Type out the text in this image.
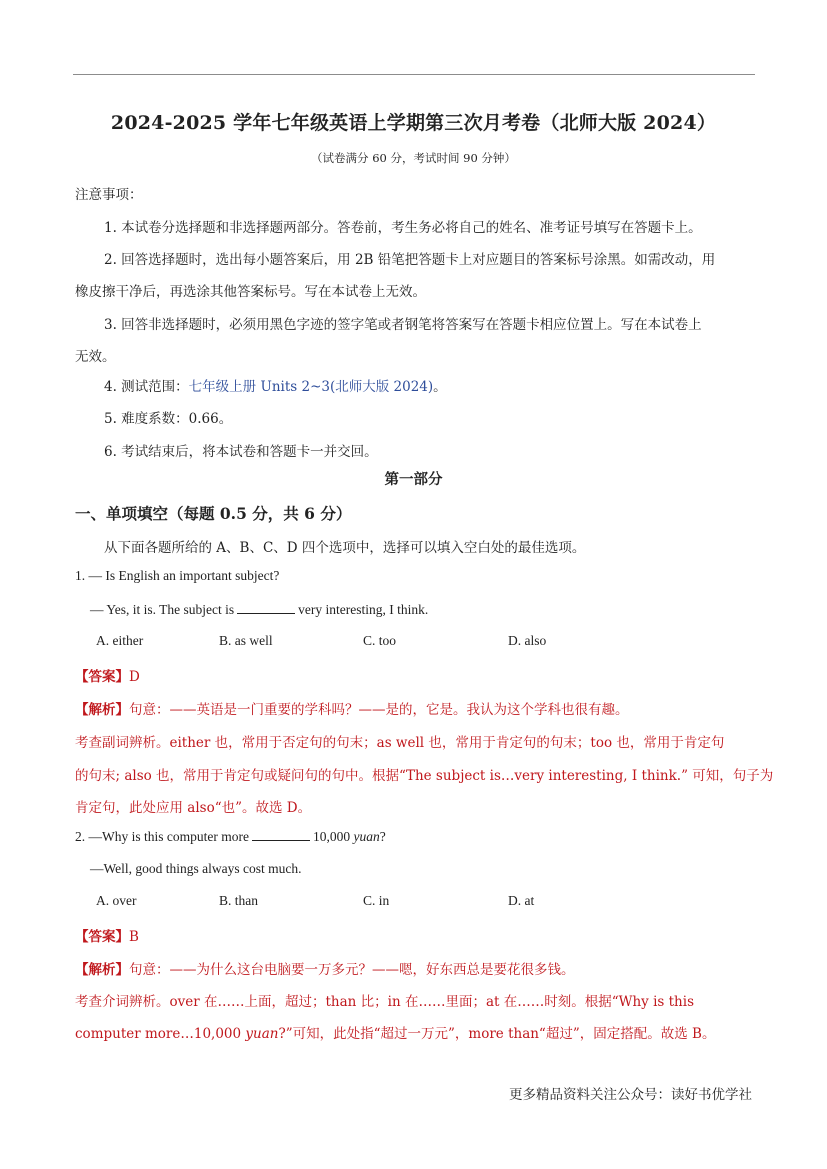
2024-2025 学年七年级英语上学期第三次月考卷（北师大版 2024）
（试卷满分 60 分，考试时间 90 分钟）
注意事项：
1. 本试卷分选择题和非选择题两部分。答卷前，考生务必将自己的姓名、准考证号填写在答题卡上。
2. 回答选择题时，选出每小题答案后，用 2B 铅笔把答题卡上对应题目的答案标号涂黑。如需改动，用
橡皮擦干净后，再选涂其他答案标号。写在本试卷上无效。
3. 回答非选择题时，必须用黑色字迹的签字笔或者钢笔将答案写在答题卡相应位置上。写在本试卷上
无效。
4. 测试范围：七年级上册 Units 2~3(北师大版 2024)。
5. 难度系数：0.66。
6. 考试结束后，将本试卷和答题卡一并交回。
第一部分
一、单项填空（每题 0.5 分，共 6 分）
从下面各题所给的 A、B、C、D 四个选项中，选择可以填入空白处的最佳选项。
1. — Is English an important subject?
— Yes, it is. The subject is	very interesting, I think.
A. either	B. as well	C. too	D. also
【答案】D
【解析】句意：——英语是一门重要的学科吗？——是的，它是。我认为这个学科也很有趣。
考查副词辨析。either 也，常用于否定句的句末；as well 也，常用于肯定句的句末；too 也，常用于肯定句
的句末; also 也，常用于肯定句或疑问句的句中。根据“The subject is…very interesting, I think.” 可知，句子为
肯定句，此处应用 also“也”。故选 D。
2. —Why is this computer more	10,000 yuan?
—Well, good things always cost much.
A. over	B. than	C. in	D. at
【答案】B
【解析】句意：——为什么这台电脑要一万多元？——嗯，好东西总是要花很多钱。
考查介词辨析。over 在……上面，超过；than 比；in 在……里面；at 在……时刻。根据“Why is this
computer more…10,000 yuan?”可知，此处指“超过一万元”，more than“超过”，固定搭配。故选 B。
更多精品资料关注公众号：读好书优学社
